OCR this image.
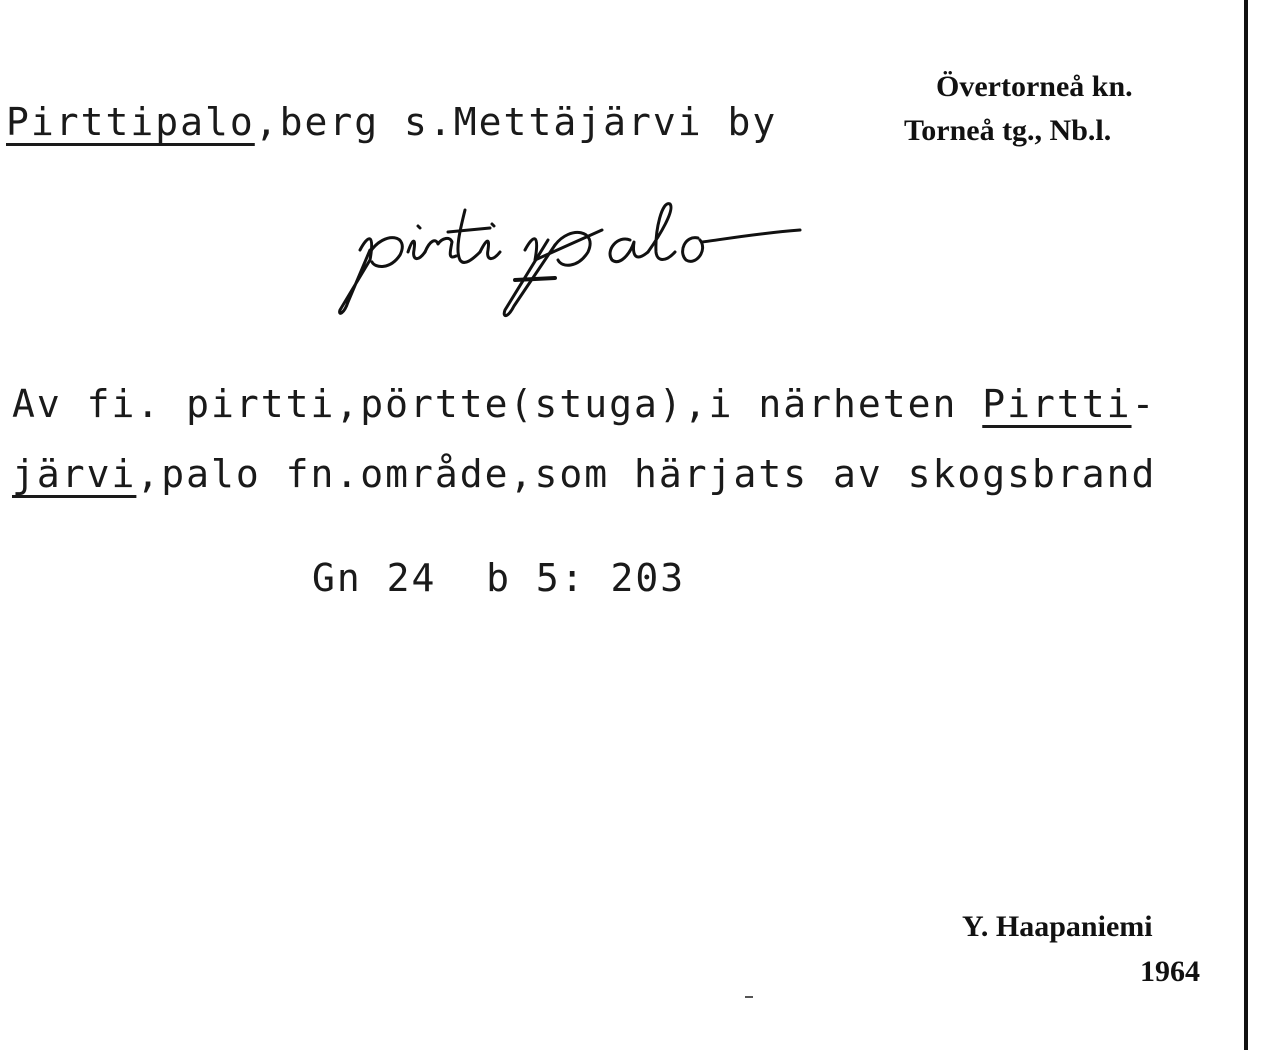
Pirttipalo,berg s.Mettäjärvi by
Övertorneå kn.
Torneå tg., Nb.l.
Av fi. pirtti,pörtte(stuga),i närheten Pirtti-
järvi,palo fn.område,som härjats av skogsbrand
Gn 24  b 5: 203
Y. Haapaniemi
1964
